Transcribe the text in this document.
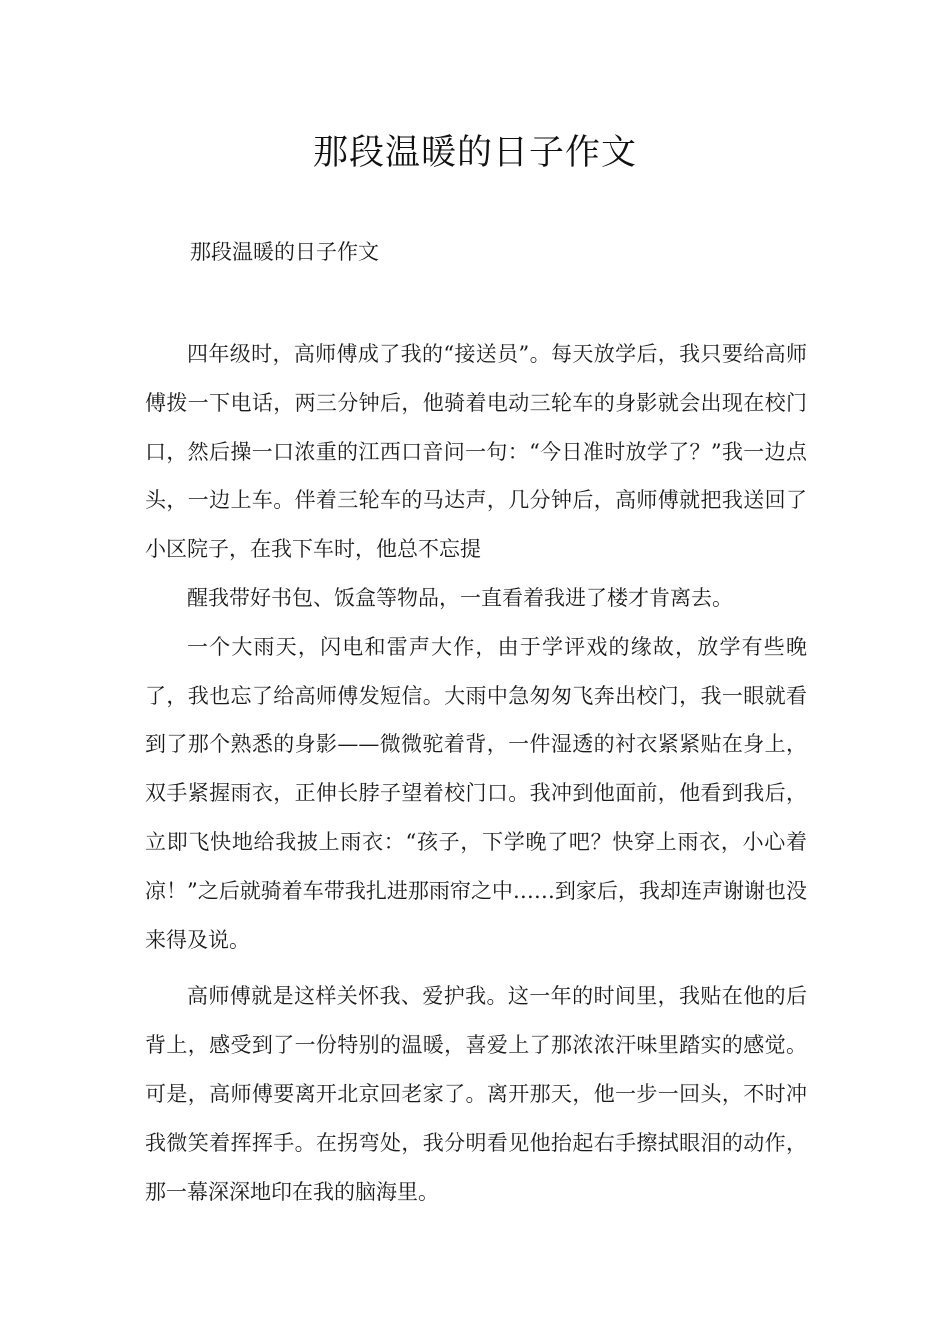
那段温暖的日子作文
那段温暖的日子作文

四年级时，高师傅成了我的“接送员”。每天放学后，我只要给高师傅拨一下电话，两三分钟后，他骑着电动三轮车的身影就会出现在校门口，然后操一口浓重的江西口音问一句：“今日准时放学了？”我一边点头，一边上车。伴着三轮车的马达声，几分钟后，高师傅就把我送回了小区院子，在我下车时，他总不忘提

醒我带好书包、饭盒等物品，一直看着我进了楼才肯离去。

一个大雨天，闪电和雷声大作，由于学评戏的缘故，放学有些晚了，我也忘了给高师傅发短信。大雨中急匆匆飞奔出校门，我一眼就看到了那个熟悉的身影——微微驼着背，一件湿透的衬衣紧紧贴在身上，双手紧握雨衣，正伸长脖子望着校门口。我冲到他面前，他看到我后，立即飞快地给我披上雨衣：“孩子，下学晚了吧？快穿上雨衣，小心着凉！”之后就骑着车带我扎进那雨帘之中……到家后，我却连声谢谢也没来得及说。

高师傅就是这样关怀我、爱护我。这一年的时间里，我贴在他的后背上，感受到了一份特别的温暖，喜爱上了那浓浓汗味里踏实的感觉。可是，高师傅要离开北京回老家了。离开那天，他一步一回头，不时冲我微笑着挥挥手。在拐弯处，我分明看见他抬起右手擦拭眼泪的动作，那一幕深深地印在我的脑海里。
